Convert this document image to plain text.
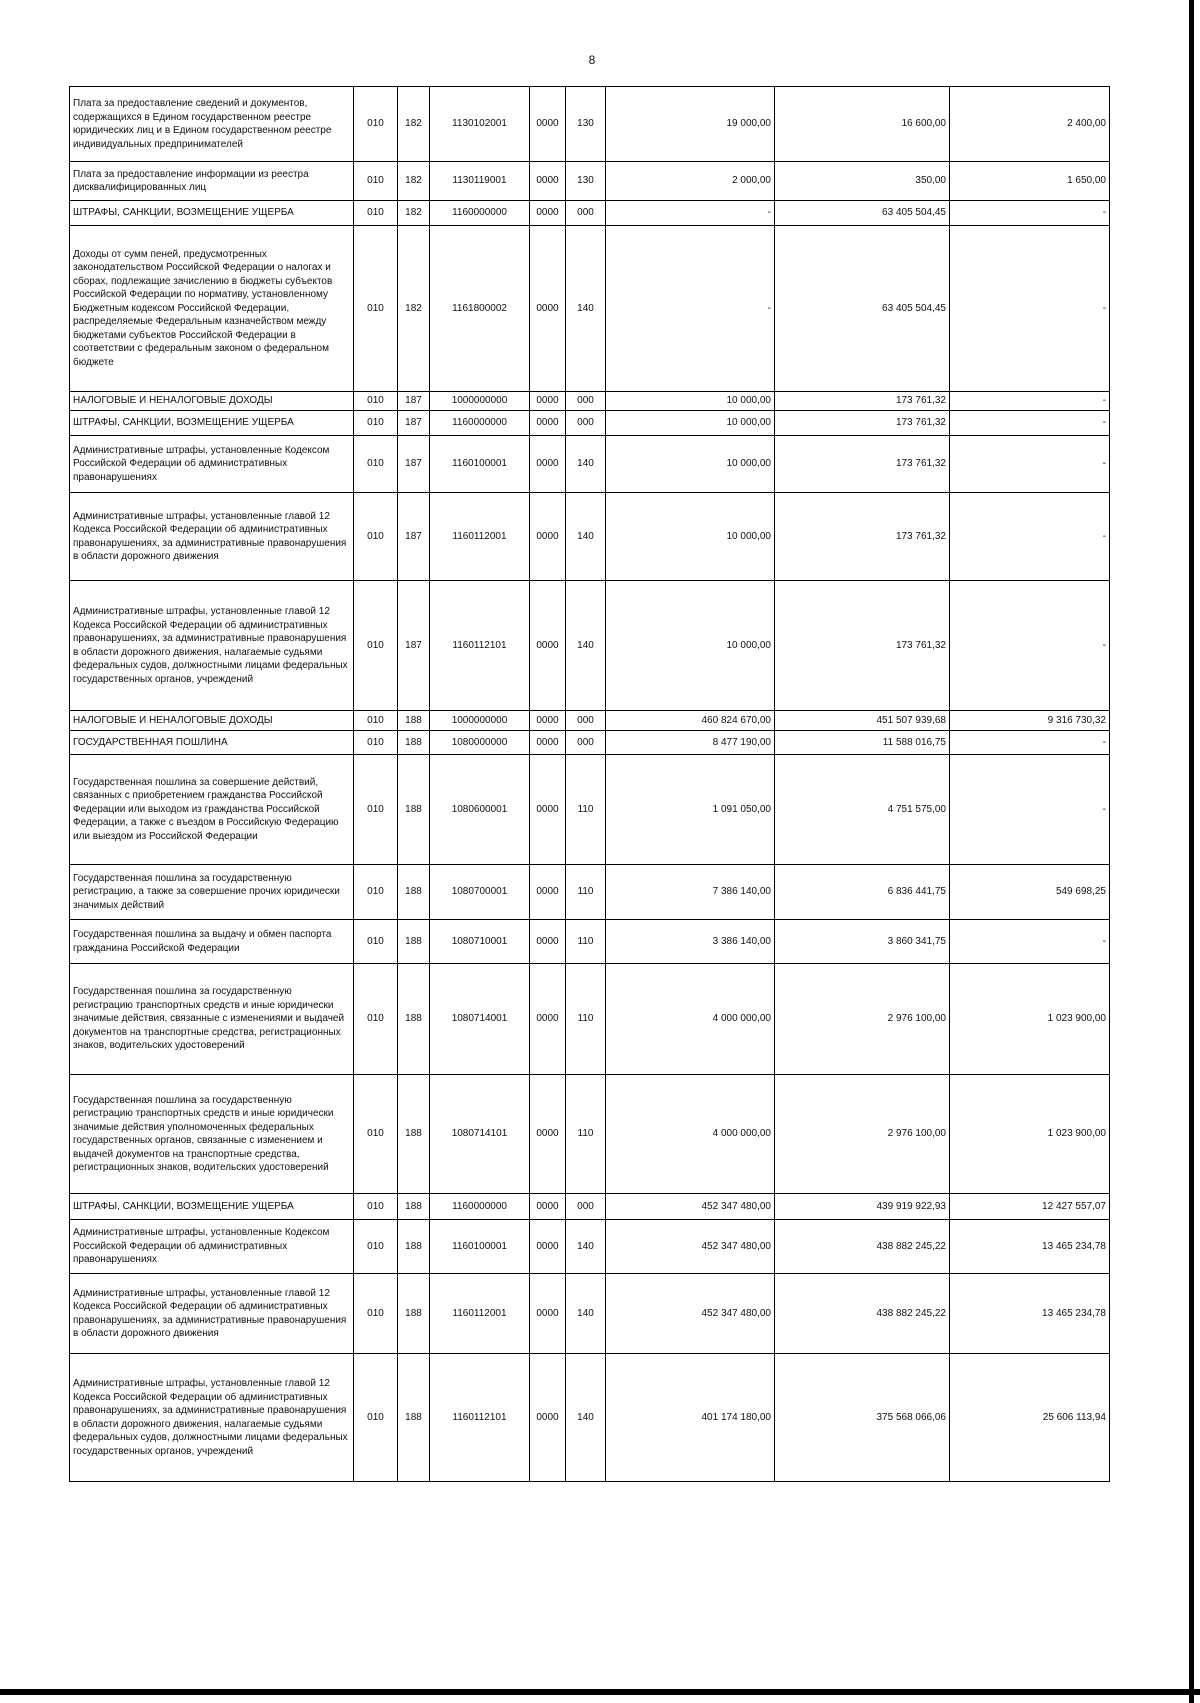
8
Плата за предоставление сведений и документов, содержащихся в Едином государственном реестре юридических лиц и в Едином государственном реестре индивидуальных предпринимателей	010	182	1130102001	0000	130	19 000,00	16 600,00	2 400,00
Плата за предоставление информации из реестра дисквалифицированных лиц	010	182	1130119001	0000	130	2 000,00	350,00	1 650,00
ШТРАФЫ, САНКЦИИ, ВОЗМЕЩЕНИЕ УЩЕРБА	010	182	1160000000	0000	000	-	63 405 504,45	-
Доходы от сумм пеней, предусмотренных законодательством Российской Федерации о налогах и сборах, подлежащие зачислению в бюджеты субъектов Российской Федерации по нормативу, установленному Бюджетным кодексом Российской Федерации, распределяемые Федеральным казначейством между бюджетами субъектов Российской Федерации в соответствии с федеральным законом о федеральном бюджете	010	182	1161800002	0000	140	-	63 405 504,45	-
НАЛОГОВЫЕ И НЕНАЛОГОВЫЕ ДОХОДЫ	010	187	1000000000	0000	000	10 000,00	173 761,32	-
ШТРАФЫ, САНКЦИИ, ВОЗМЕЩЕНИЕ УЩЕРБА	010	187	1160000000	0000	000	10 000,00	173 761,32	-
Административные штрафы, установленные Кодексом Российской Федерации об административных правонарушениях	010	187	1160100001	0000	140	10 000,00	173 761,32	-
Административные штрафы, установленные главой 12 Кодекса Российской Федерации об административных правонарушениях, за административные правонарушения в области дорожного движения	010	187	1160112001	0000	140	10 000,00	173 761,32	-
Административные штрафы, установленные главой 12 Кодекса Российской Федерации об административных правонарушениях, за административные правонарушения в области дорожного движения, налагаемые судьями федеральных судов, должностными лицами федеральных государственных органов, учреждений	010	187	1160112101	0000	140	10 000,00	173 761,32	-
НАЛОГОВЫЕ И НЕНАЛОГОВЫЕ ДОХОДЫ	010	188	1000000000	0000	000	460 824 670,00	451 507 939,68	9 316 730,32
ГОСУДАРСТВЕННАЯ ПОШЛИНА	010	188	1080000000	0000	000	8 477 190,00	11 588 016,75	-
Государственная пошлина за совершение действий, связанных с приобретением гражданства Российской Федерации или выходом из гражданства Российской Федерации, а также с въездом в Российскую Федерацию или выездом из Российской Федерации	010	188	1080600001	0000	110	1 091 050,00	4 751 575,00	-
Государственная пошлина за государственную регистрацию, а также за совершение прочих юридически значимых действий	010	188	1080700001	0000	110	7 386 140,00	6 836 441,75	549 698,25
Государственная пошлина за выдачу и обмен паспорта гражданина Российской Федерации	010	188	1080710001	0000	110	3 386 140,00	3 860 341,75	-
Государственная пошлина за государственную регистрацию транспортных средств и иные юридически значимые действия, связанные с изменениями и выдачей документов на транспортные средства, регистрационных знаков, водительских удостоверений	010	188	1080714001	0000	110	4 000 000,00	2 976 100,00	1 023 900,00
Государственная пошлина за государственную регистрацию транспортных средств и иные юридически значимые действия уполномоченных федеральных государственных органов, связанные с изменением и выдачей документов на транспортные средства, регистрационных знаков, водительских удостоверений	010	188	1080714101	0000	110	4 000 000,00	2 976 100,00	1 023 900,00
ШТРАФЫ, САНКЦИИ, ВОЗМЕЩЕНИЕ УЩЕРБА	010	188	1160000000	0000	000	452 347 480,00	439 919 922,93	12 427 557,07
Административные штрафы, установленные Кодексом Российской Федерации об административных правонарушениях	010	188	1160100001	0000	140	452 347 480,00	438 882 245,22	13 465 234,78
Административные штрафы, установленные главой 12 Кодекса Российской Федерации об административных правонарушениях, за административные правонарушения в области дорожного движения	010	188	1160112001	0000	140	452 347 480,00	438 882 245,22	13 465 234,78
Административные штрафы, установленные главой 12 Кодекса Российской Федерации об административных правонарушениях, за административные правонарушения в области дорожного движения, налагаемые судьями федеральных судов, должностными лицами федеральных государственных органов, учреждений	010	188	1160112101	0000	140	401 174 180,00	375 568 066,06	25 606 113,94
